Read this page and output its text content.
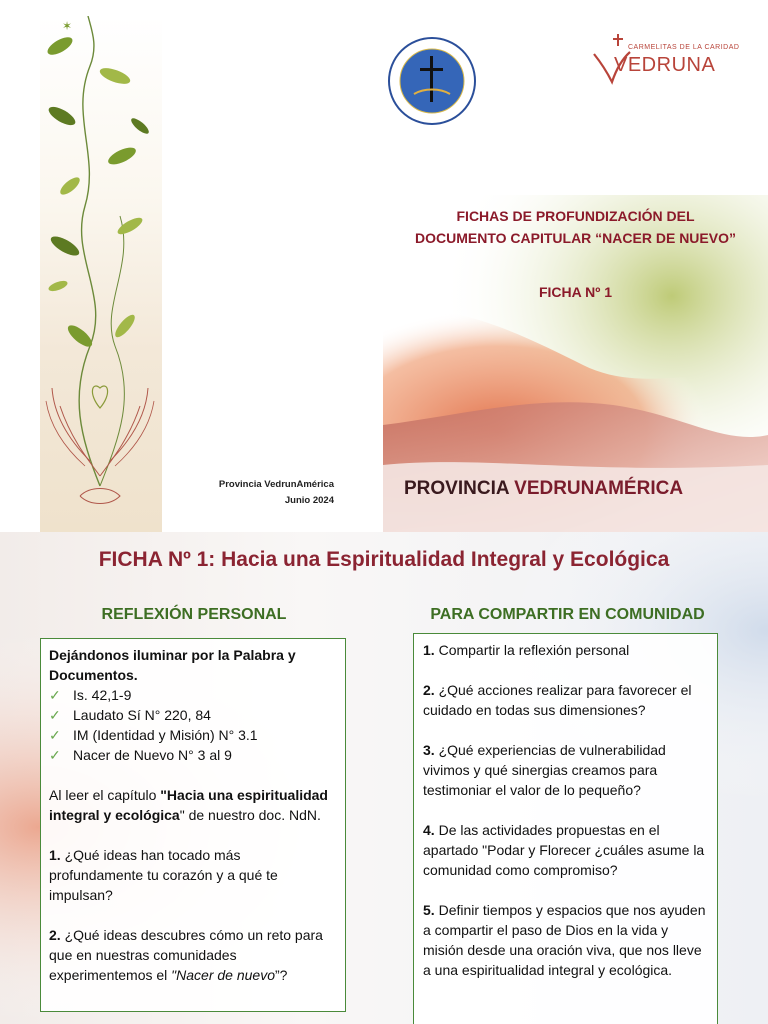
✶
CARMELITAS DE LA CARIDAD
VEDRUNA
FICHAS DE PROFUNDIZACIÓN DEL
DOCUMENTO CAPITULAR “NACER DE NUEVO”
FICHA Nº 1
Provincia VedrunAmérica
Junio 2024
PROVINCIA VEDRUNAMÉRICA
FICHA Nº 1: Hacia una Espiritualidad Integral y Ecológica
REFLEXIÓN PERSONAL	PARA COMPARTIR EN COMUNIDAD

Dejándonos iluminar por la Palabra y Documentos.

✓ Is. 42,1-9
✓ Laudato Sí N° 220, 84
✓ IM (Identidad y Misión) N° 3.1
✓ Nacer de Nuevo N° 3 al 9

Al leer el capítulo "Hacia una espiritualidad integral y ecológica" de nuestro doc. NdN.

1. ¿Qué ideas han tocado más profundamente tu corazón y a qué te impulsan?

2. ¿Qué ideas descubres cómo un reto para que en nuestras comunidades experimentemos el "Nacer de nuevo”?

1. Compartir la reflexión personal

2. ¿Qué acciones realizar para favorecer el cuidado en todas sus dimensiones?

3. ¿Qué experiencias de vulnerabilidad vivimos y qué sinergias creamos para testimoniar el valor de lo pequeño?

4. De las actividades propuestas en el apartado "Podar y Florecer ¿cuáles asume la comunidad como compromiso?

5. Definir tiempos y espacios que nos ayuden a compartir el paso de Dios en la vida y misión desde una oración viva, que nos lleve a una espiritualidad integral y ecológica.
